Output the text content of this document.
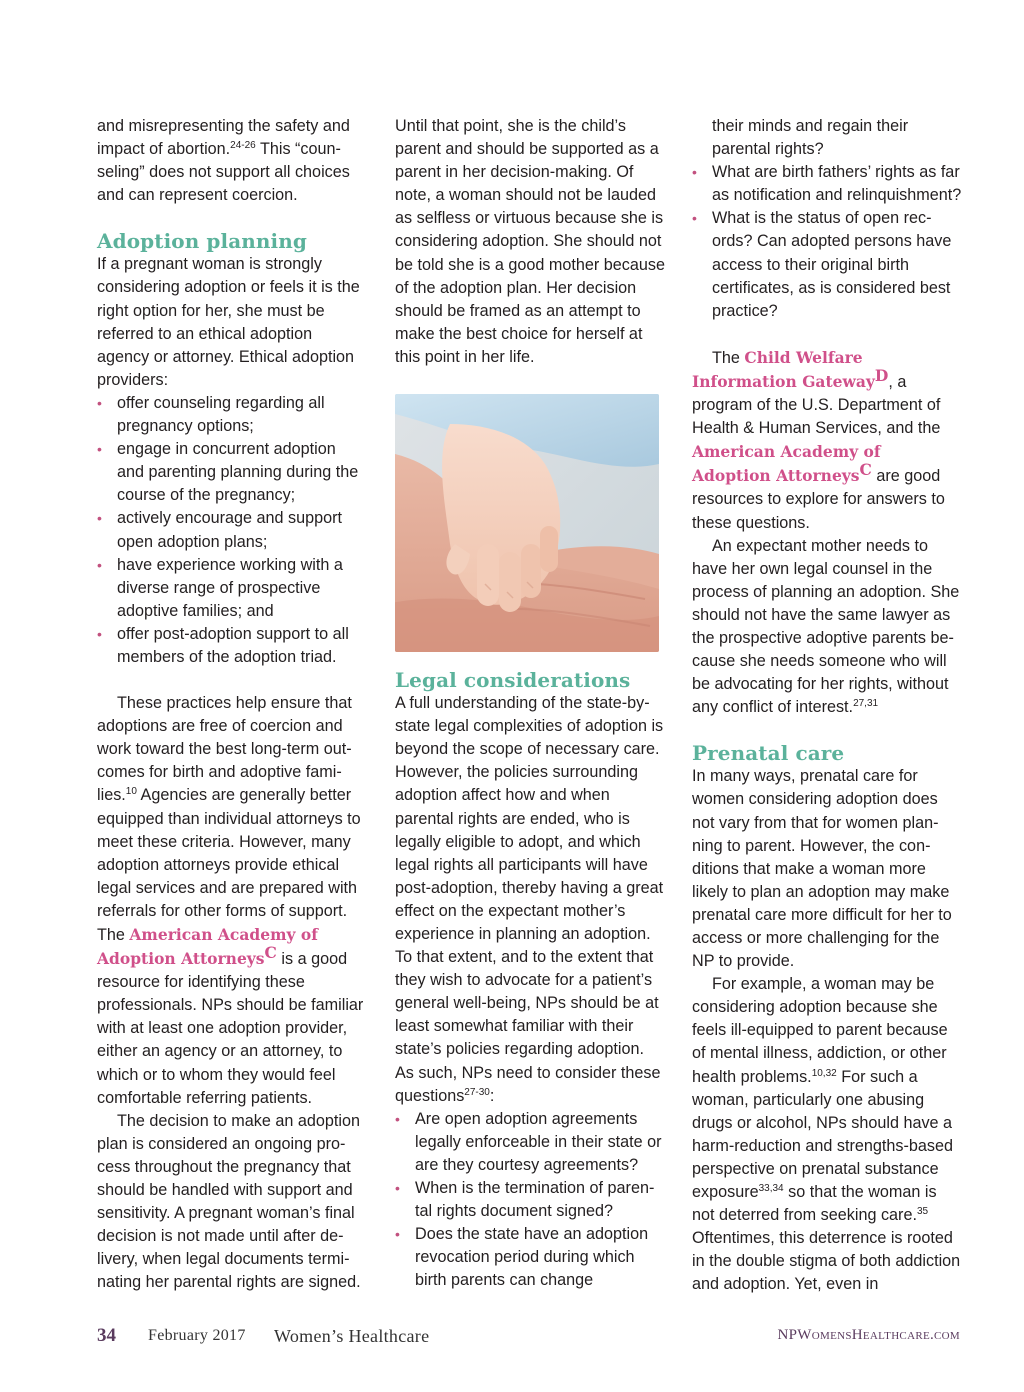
and misrepresenting the safety and impact of abortion.$^{24-26}$ This “counseling” does not support all choices and can represent coercion.

Adoption planning

If a pregnant woman is strongly considering adoption or feels it is the right option for her, she must be referred to an ethical adoption agency or attorney. Ethical adoption providers:

• offer counseling regarding all pregnancy options;
• engage in concurrent adoption and parenting planning during the course of the pregnancy;
• actively encourage and support open adoption plans;
• have experience working with a diverse range of prospective adoptive families; and
• offer post-adoption support to all members of the adoption triad.

These practices help ensure that adoptions are free of coercion and work toward the best long-term outcomes for birth and adoptive families.$^{10}$ Agencies are generally better equipped than individual attorneys to meet these criteria. However, many adoption attorneys provide ethical legal services and are prepared with referrals for other forms of support. The American Academy of Adoption Attorneys$^C$ is a good resource for identifying these professionals. NPs should be familiar with at least one adoption provider, either an agency or an attorney, to which or to whom they would feel comfortable referring patients.

The decision to make an adoption plan is considered an ongoing process throughout the pregnancy that should be handled with support and sensitivity. A pregnant woman’s final decision is not made until after delivery, when legal documents terminating her parental rights are signed.

Until that point, she is the child’s parent and should be supported as a parent in her decision-making. Of note, a woman should not be lauded as selfless or virtuous because she is considering adoption. She should not be told she is a good mother because of the adoption plan. Her decision should be framed as an attempt to make the best choice for herself at this point in her life.

Legal considerations

A full understanding of the state-by-state legal complexities of adoption is beyond the scope of necessary care. However, the policies surrounding adoption affect how and when parental rights are ended, who is legally eligible to adopt, and which legal rights all participants will have post-adoption, thereby having a great effect on the expectant mother’s experience in planning an adoption. To that extent, and to the extent that they wish to advocate for a patient’s general well-being, NPs should be at least somewhat familiar with their state’s policies regarding adoption. As such, NPs need to consider these questions$^{27-30}$:

• Are open adoption agreements legally enforceable in their state or are they courtesy agreements?
• When is the termination of parental rights document signed?
• Does the state have an adoption revocation period during which birth parents can change

their minds and regain their parental rights?

• What are birth fathers’ rights as far as notification and relinquishment?
• What is the status of open records? Can adopted persons have access to their original birth certificates, as is considered best practice?

The Child Welfare Information Gateway$^D$, a program of the U.S. Department of Health & Human Services, and the American Academy of Adoption Attorneys$^C$ are good resources to explore for answers to these questions.

An expectant mother needs to have her own legal counsel in the process of planning an adoption. She should not have the same lawyer as the prospective adoptive parents because she needs someone who will be advocating for her rights, without any conflict of interest.$^{27,31}$

Prenatal care

In many ways, prenatal care for women considering adoption does not vary from that for women planning to parent. However, the conditions that make a woman more likely to plan an adoption may make prenatal care more difficult for her to access or more challenging for the NP to provide.

For example, a woman may be considering adoption because she feels ill-equipped to parent because of mental illness, addiction, or other health problems.$^{10,32}$ For such a woman, particularly one abusing drugs or alcohol, NPs should have a harm-reduction and strengths-based perspective on prenatal substance exposure$^{33,34}$ so that the woman is not deterred from seeking care.$^{35}$ Oftentimes, this deterrence is rooted in the double stigma of both addiction and adoption. Yet, even in

34 February 2017 Women’s Healthcare	NPWomensHealthcare.com
